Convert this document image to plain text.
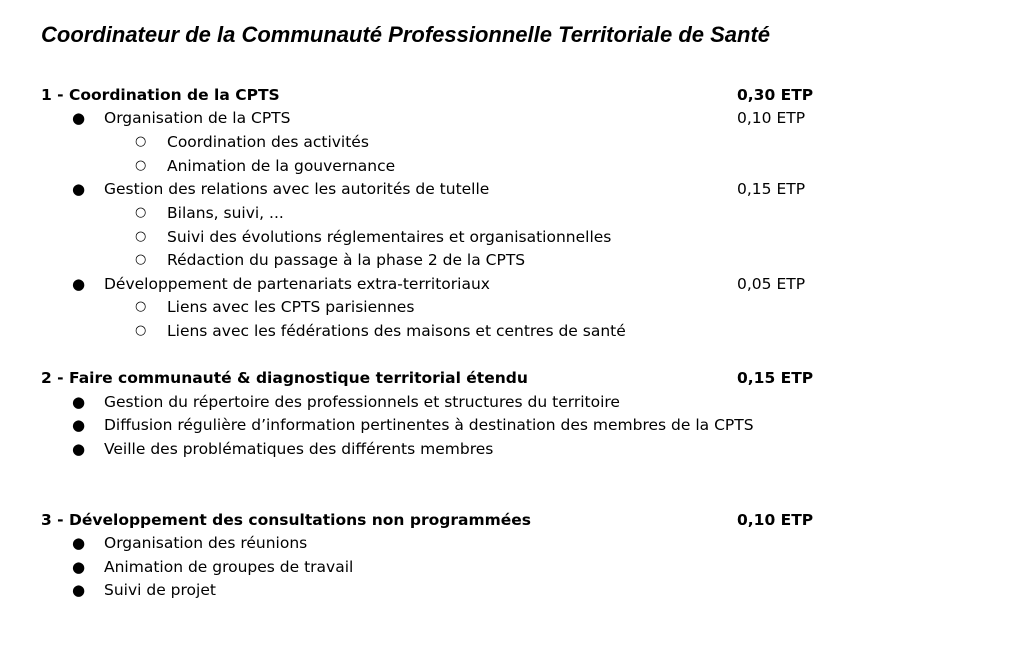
Coordinateur de la Communauté Professionnelle Territoriale de Santé
1 - Coordination de la CPTS	0,30 ETP
● Organisation de la CPTS	0,10 ETP
○ Coordination des activités
○ Animation de la gouvernance
● Gestion des relations avec les autorités de tutelle	0,15 ETP
○ Bilans, suivi, ...
○ Suivi des évolutions réglementaires et organisationnelles
○ Rédaction du passage à la phase 2 de la CPTS
● Développement de partenariats extra-territoriaux	0,05 ETP
○ Liens avec les CPTS parisiennes
○ Liens avec les fédérations des maisons et centres de santé
2 - Faire communauté & diagnostique territorial étendu	0,15 ETP
● Gestion du répertoire des professionnels et structures du territoire
● Diffusion régulière d’information pertinentes à destination des membres de la CPTS
● Veille des problématiques des différents membres
3 - Développement des consultations non programmées	0,10 ETP
● Organisation des réunions
● Animation de groupes de travail
● Suivi de projet
